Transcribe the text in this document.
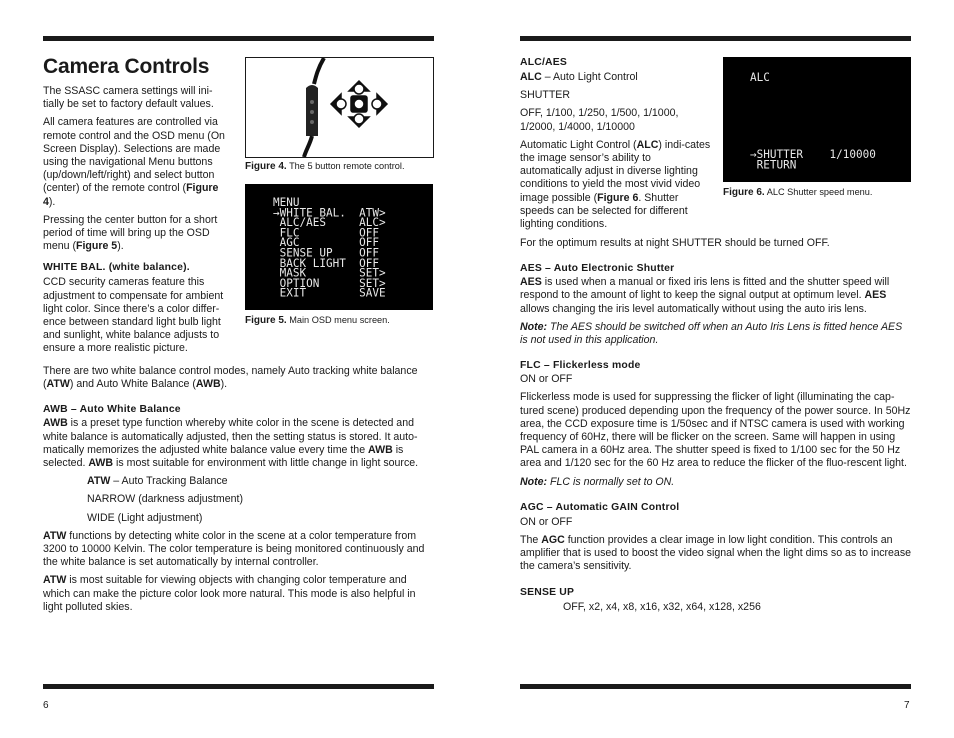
Camera Controls

The SSASC camera settings will ini-tially be set to factory default values.

All camera features are controlled via remote control and the OSD menu (On Screen Display). Selections are made using the navigational Menu buttons (up/down/left/right) and select button (center) of the remote control (Figure 4).

Pressing the center button for a short period of time will bring up the OSD menu (Figure 5).

WHITE BAL. (white balance).

CCD security cameras feature this adjustment to compensate for ambient light color. Since there’s a color differ-ence between standard light bulb light and sunlight, white balance adjusts to ensure a more realistic picture.

Figure 4. The 5 button remote control.
MENU
→WHITE BAL.  ATW>
ALC/AES     ALC>
FLC         OFF
AGC         OFF
SENSE UP    OFF
BACK LIGHT  OFF
MASK        SET>
OPTION      SET>
EXIT        SAVE
Figure 5. Main OSD menu screen.

There are two white balance control modes, namely Auto tracking white balance (ATW) and Auto White Balance (AWB).

AWB – Auto White Balance

AWB is a preset type function whereby white color in the scene is detected and white balance is automatically adjusted, then the setting status is stored. It auto-matically memorizes the adjusted white balance value every time the AWB is selected. AWB is most suitable for environment with little change in light source.

ATW – Auto Tracking Balance

NARROW (darkness adjustment)

WIDE (Light adjustment)

ATW functions by detecting white color in the scene at a color temperature from 3200 to 10000 Kelvin. The color temperature is being monitored continuously and the white balance is set automatically by internal controller.

ATW is most suitable for viewing objects with changing color temperature and which can make the picture color look more natural. This mode is also helpful in light polluted skies.

6

ALC/AES

ALC – Auto Light Control

SHUTTER

OFF, 1/100, 1/250, 1/500, 1/1000, 1/2000, 1/4000, 1/10000

Automatic Light Control (ALC) indi-cates the image sensor’s ability to automatically adjust in diverse lighting conditions to yield the most vivid video image possible (Figure 6. Shutter speeds can be selected for different lighting conditions.

ALC
→SHUTTER    1/10000
RETURN
Figure 6. ALC Shutter speed menu.

For the optimum results at night SHUTTER should be turned OFF.

AES – Auto Electronic Shutter

AES is used when a manual or fixed iris lens is fitted and the shutter speed will respond to the amount of light to keep the signal output at optimum level. AES allows changing the iris level automatically without using the auto iris lens.

Note: The AES should be switched off when an Auto Iris Lens is fitted hence AES is not used in this application.

FLC – Flickerless mode

ON or OFF

Flickerless mode is used for suppressing the flicker of light (illuminating the cap-tured scene) produced depending upon the frequency of the power source. In 50Hz area, the CCD exposure time is 1/50sec and if NTSC camera is used with working frequency of 60Hz, there will be flicker on the screen. Same will happen in using PAL camera in a 60Hz area. The shutter speed is fixed to 1/100 sec for the 50 Hz area and 1/120 sec for the 60 Hz area to reduce the flicker of the fluo-rescent light.

Note: FLC is normally set to ON.

AGC – Automatic GAIN Control

ON or OFF

The AGC function provides a clear image in low light condition. This controls an amplifier that is used to boost the video signal when the light dims so as to increase the camera’s sensitivity.

SENSE UP

OFF, x2, x4, x8, x16, x32, x64, x128, x256

7
